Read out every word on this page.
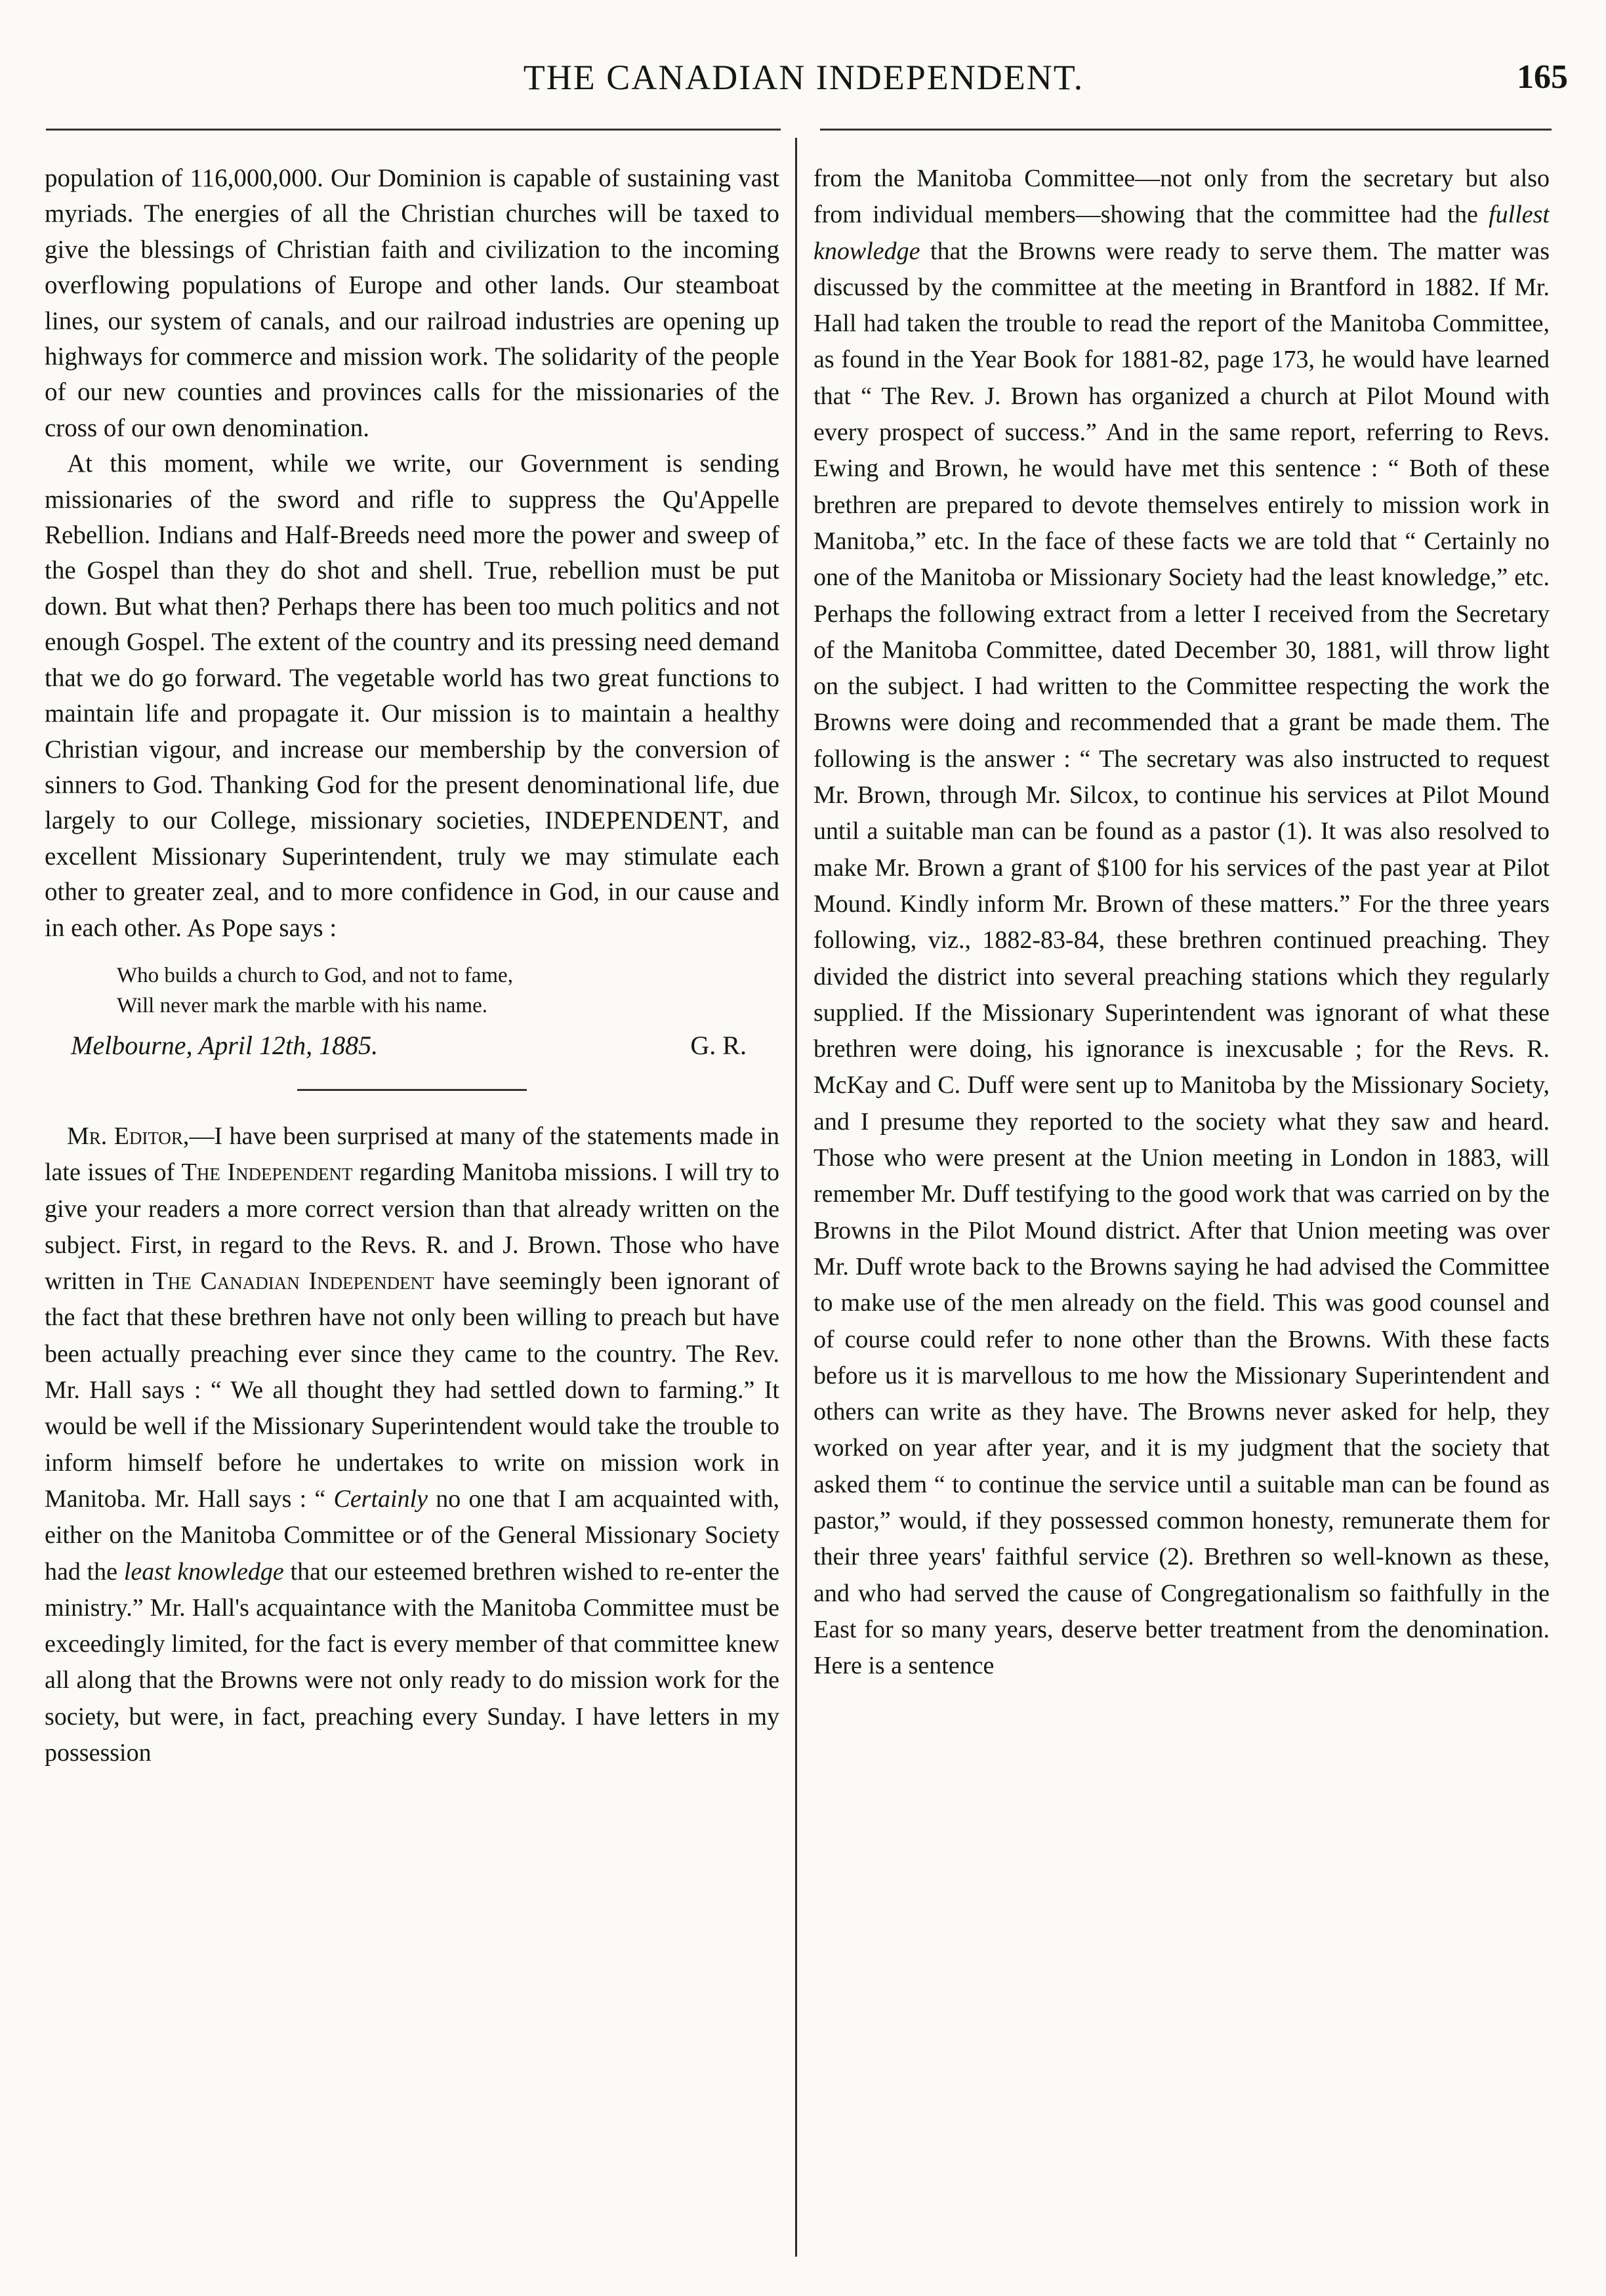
THE CANADIAN INDEPENDENT.	165

population of 116,000,000. Our Dominion is capable of sustaining vast myriads. The energies of all the Christian churches will be taxed to give the blessings of Christian faith and civilization to the incoming overflowing populations of Europe and other lands. Our steamboat lines, our system of canals, and our railroad industries are opening up highways for commerce and mission work. The solidarity of the people of our new counties and provinces calls for the missionaries of the cross of our own denomination.

At this moment, while we write, our Government is sending missionaries of the sword and rifle to suppress the Qu'Appelle Rebellion. Indians and Half-Breeds need more the power and sweep of the Gospel than they do shot and shell. True, rebellion must be put down. But what then? Perhaps there has been too much politics and not enough Gospel. The extent of the country and its pressing need demand that we do go forward. The vegetable world has two great functions to maintain life and propagate it. Our mission is to maintain a healthy Christian vigour, and increase our membership by the conversion of sinners to God. Thanking God for the present denominational life, due largely to our College, missionary societies, INDEPENDENT, and excellent Missionary Superintendent, truly we may stimulate each other to greater zeal, and to more confidence in God, in our cause and in each other. As Pope says :

Who builds a church to God, and not to fame,
Will never mark the marble with his name.
Melbourne, April 12th, 1885.	G. R.

Mr. Editor,—I have been surprised at many of the statements made in late issues of The Independent regarding Manitoba missions. I will try to give your readers a more correct version than that already written on the subject. First, in regard to the Revs. R. and J. Brown. Those who have written in The Canadian Independent have seemingly been ignorant of the fact that these brethren have not only been willing to preach but have been actually preaching ever since they came to the country. The Rev. Mr. Hall says : “ We all thought they had settled down to farming.” It would be well if the Missionary Superintendent would take the trouble to inform himself before he undertakes to write on mission work in Manitoba. Mr. Hall says : “ Certainly no one that I am acquainted with, either on the Manitoba Committee or of the General Missionary Society had the least knowledge that our esteemed brethren wished to re-enter the ministry.” Mr. Hall's acquaintance with the Manitoba Committee must be exceedingly limited, for the fact is every member of that committee knew all along that the Browns were not only ready to do mission work for the society, but were, in fact, preaching every Sunday. I have letters in my possession

from the Manitoba Committee—not only from the secretary but also from individual members—showing that the committee had the fullest knowledge that the Browns were ready to serve them. The matter was discussed by the committee at the meeting in Brantford in 1882. If Mr. Hall had taken the trouble to read the report of the Manitoba Committee, as found in the Year Book for 1881-82, page 173, he would have learned that “ The Rev. J. Brown has organized a church at Pilot Mound with every prospect of success.” And in the same report, referring to Revs. Ewing and Brown, he would have met this sentence : “ Both of these brethren are prepared to devote themselves entirely to mission work in Manitoba,” etc. In the face of these facts we are told that “ Certainly no one of the Manitoba or Missionary Society had the least knowledge,” etc. Perhaps the following extract from a letter I received from the Secretary of the Manitoba Committee, dated December 30, 1881, will throw light on the subject. I had written to the Committee respecting the work the Browns were doing and recommended that a grant be made them. The following is the answer : “ The secretary was also instructed to request Mr. Brown, through Mr. Silcox, to continue his services at Pilot Mound until a suitable man can be found as a pastor (1). It was also resolved to make Mr. Brown a grant of $100 for his services of the past year at Pilot Mound. Kindly inform Mr. Brown of these matters.” For the three years following, viz., 1882-83-84, these brethren continued preaching. They divided the district into several preaching stations which they regularly supplied. If the Missionary Superintendent was ignorant of what these brethren were doing, his ignorance is inexcusable ; for the Revs. R. McKay and C. Duff were sent up to Manitoba by the Missionary Society, and I presume they reported to the society what they saw and heard. Those who were present at the Union meeting in London in 1883, will remember Mr. Duff testifying to the good work that was carried on by the Browns in the Pilot Mound district. After that Union meeting was over Mr. Duff wrote back to the Browns saying he had advised the Committee to make use of the men already on the field. This was good counsel and of course could refer to none other than the Browns. With these facts before us it is marvellous to me how the Missionary Superintendent and others can write as they have. The Browns never asked for help, they worked on year after year, and it is my judgment that the society that asked them “ to continue the service until a suitable man can be found as pastor,” would, if they possessed common honesty, remunerate them for their three years' faithful service (2). Brethren so well-known as these, and who had served the cause of Congregationalism so faithfully in the East for so many years, deserve better treatment from the denomination. Here is a sentence
